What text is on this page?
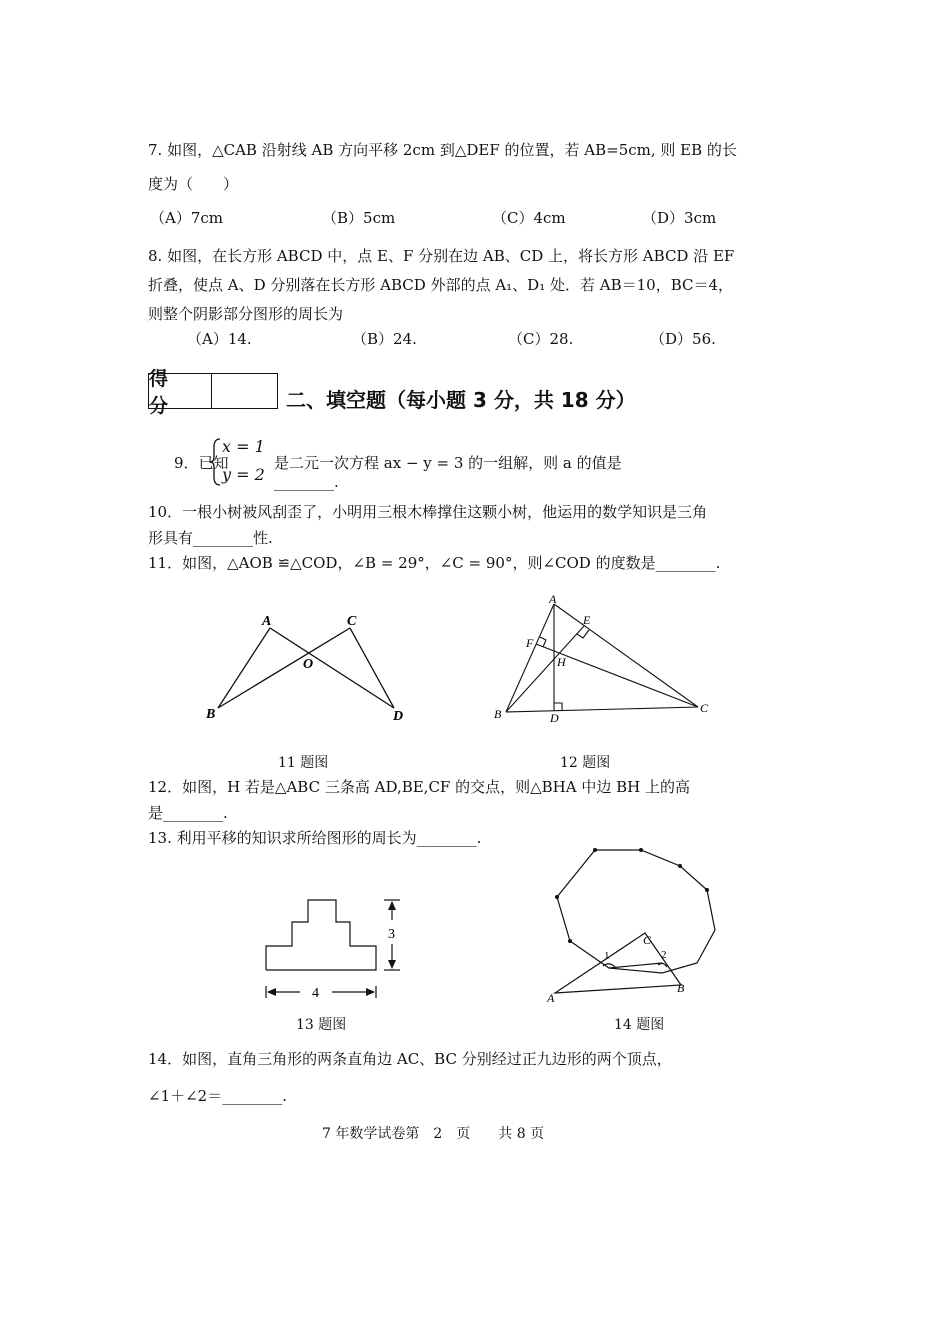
7. 如图，△CAB 沿射线 AB 方向平移 2cm 到△DEF 的位置，若 AB=5cm, 则 EB 的长
度为（　　）
（A）7cm	（B）5cm	（C）4cm	（D）3cm
8. 如图，在长方形 ABCD 中，点 E、F 分别在边 AB、CD 上，将长方形 ABCD 沿 EF
折叠，使点 A、D 分别落在长方形 ABCD 外部的点 A₁、D₁ 处．若 AB＝10，BC＝4，
则整个阴影部分图形的周长为
（A）14.	（B）24.	（C）28.	（D）56.
得 分	二、填空题（每小题 3 分，共 18 分）
9．已知
x = 1
y = 2
是二元一次方程 ax − y = 3 的一组解，则 a 的值是________.
10．一根小树被风刮歪了，小明用三根木棒撑住这颗小树，他运用的数学知识是三角
形具有________性.
11．如图，△AOB ≌△COD，∠B = 29°，∠C = 90°，则∠COD 的度数是________.
A	C
O
B	D
11 题图
A
E
F
H
B	D
C
12 题图
12．如图，H 若是△ABC 三条高 AD,BE,CF 的交点，则△BHA 中边 BH 上的高
是________.
13. 利用平移的知识求所给图形的周长为________.
3
4
13 题图
1	2
C
A
B
14 题图
14．如图，直角三角形的两条直角边 AC、BC 分别经过正九边形的两个顶点，
∠1＋∠2＝________.
7 年数学试卷第　2　页　　共 8 页
